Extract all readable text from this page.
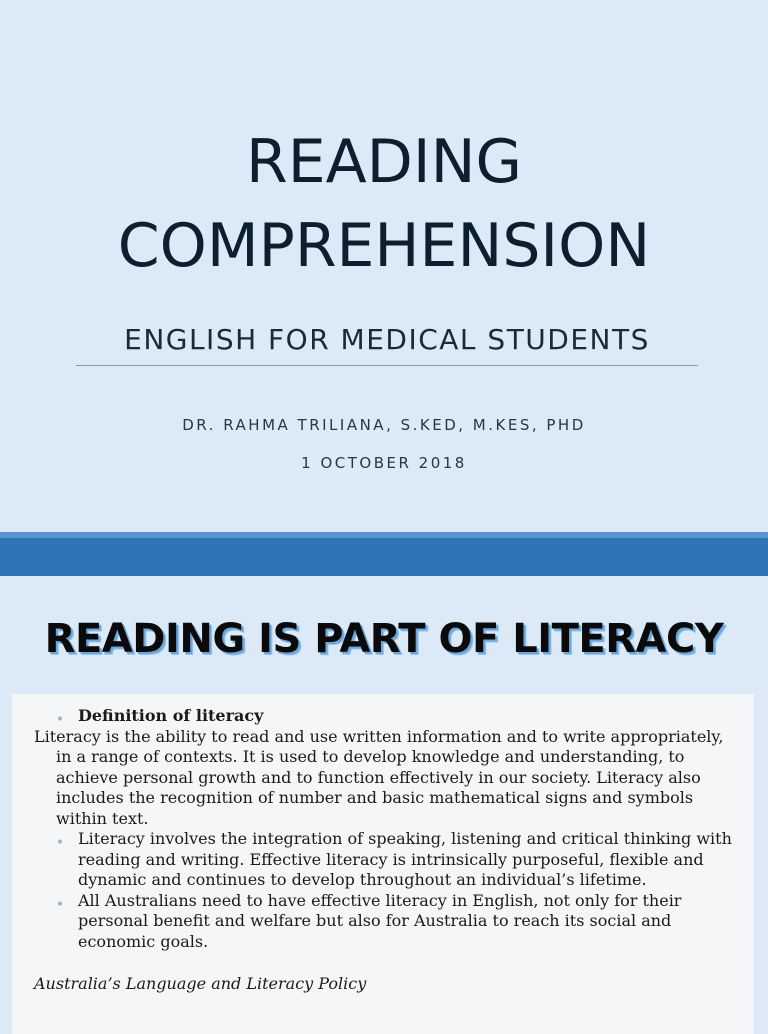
READING
COMPREHENSION
ENGLISH FOR MEDICAL STUDENTS
DR. RAHMA TRILIANA, S.KED, M.KES, PHD
1 OCTOBER 2018
READING IS PART OF LITERACY
• Definition of literacy
Literacy is the ability to read and use written information and to write appropriately, in a range of contexts. It is used to develop knowledge and understanding, to achieve personal growth and to function effectively in our society. Literacy also includes the recognition of number and basic mathematical signs and symbols within text.
• Literacy involves the integration of speaking, listening and critical thinking with reading and writing. Effective literacy is intrinsically purposeful, flexible and dynamic and continues to develop throughout an individual’s lifetime.
• All Australians need to have effective literacy in English, not only for their personal benefit and welfare but also for Australia to reach its social and economic goals.
Australia’s Language and Literacy Policy
